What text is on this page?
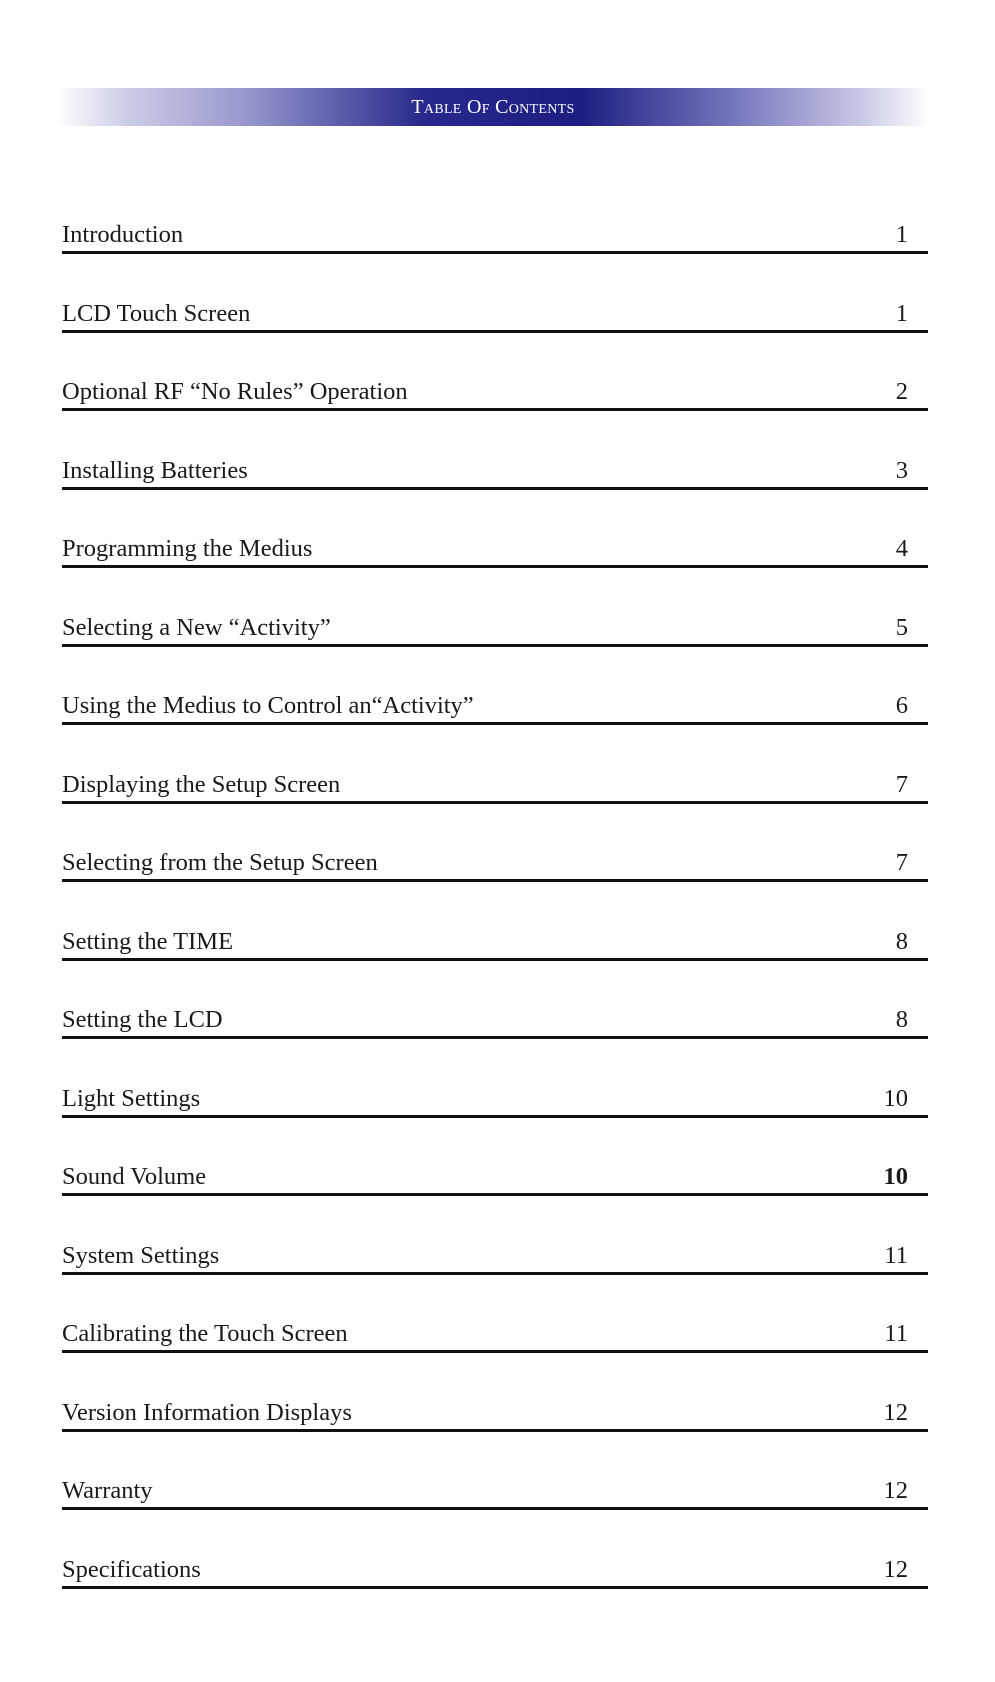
Table Of Contents
Introduction	1
LCD Touch Screen	1
Optional RF “No Rules” Operation	2
Installing Batteries	3
Programming the Medius	4
Selecting a New “Activity”	5
Using the Medius to Control an“Activity”	6
Displaying the Setup Screen	7
Selecting from the Setup Screen	7
Setting the TIME	8
Setting the LCD	8
Light Settings	10
Sound Volume	10
System Settings	11
Calibrating the Touch Screen	11
Version Information Displays	12
Warranty	12
Specifications	12
